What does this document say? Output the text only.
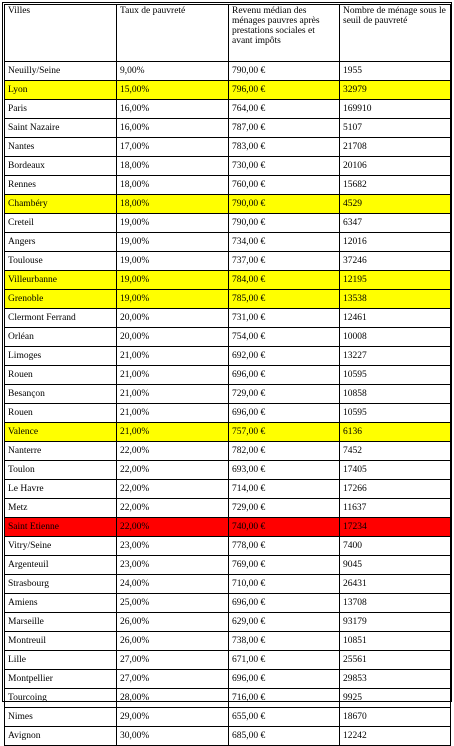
Villes	Taux de pauvreté	Revenu médian des ménages pauvres après prestations sociales et avant impôts	Nombre de ménage sous le seuil de pauvreté
Neuilly/Seine	9,00%	790,00 €	1955
Lyon	15,00%	796,00 €	32979
Paris	16,00%	764,00 €	169910
Saint Nazaire	16,00%	787,00 €	5107
Nantes	17,00%	783,00 €	21708
Bordeaux	18,00%	730,00 €	20106
Rennes	18,00%	760,00 €	15682
Chambéry	18,00%	790,00 €	4529
Creteil	19,00%	790,00 €	6347
Angers	19,00%	734,00 €	12016
Toulouse	19,00%	737,00 €	37246
Villeurbanne	19,00%	784,00 €	12195
Grenoble	19,00%	785,00 €	13538
Clermont Ferrand	20,00%	731,00 €	12461
Orléan	20,00%	754,00 €	10008
Limoges	21,00%	692,00 €	13227
Rouen	21,00%	696,00 €	10595
Besançon	21,00%	729,00 €	10858
Rouen	21,00%	696,00 €	10595
Valence	21,00%	757,00 €	6136
Nanterre	22,00%	782,00 €	7452
Toulon	22,00%	693,00 €	17405
Le Havre	22,00%	714,00 €	17266
Metz	22,00%	729,00 €	11637
Saint Etienne	22,00%	740,00 €	17234
Vitry/Seine	23,00%	778,00 €	7400
Argenteuil	23,00%	769,00 €	9045
Strasbourg	24,00%	710,00 €	26431
Amiens	25,00%	696,00 €	13708
Marseille	26,00%	629,00 €	93179
Montreuil	26,00%	738,00 €	10851
Lille	27,00%	671,00 €	25561
Montpellier	27,00%	696,00 €	29853
Tourcoing	28,00%	716,00 €	9925
Nimes	29,00%	655,00 €	18670
Avignon	30,00%	685,00 €	12242
